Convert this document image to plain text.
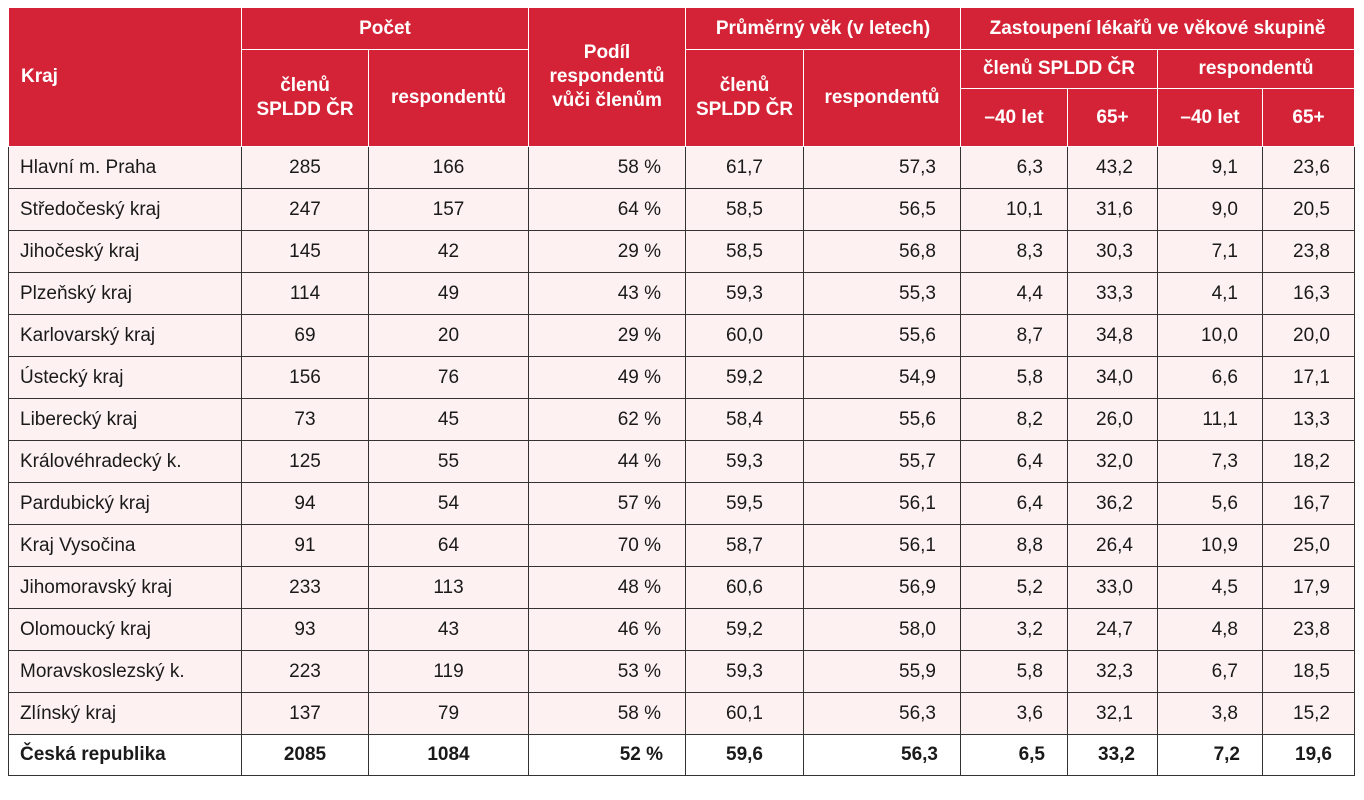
Kraj	Počet		Podíl respondentů vůči členům	Průměrný věk (v letech)		Zastoupení lékařů ve věkové skupině			
	členů SPLDD ČR	respondentů		členů SPLDD ČR	respondentů	členů SPLDD ČR		respondentů	
						–40 let	65+	–40 let	65+
Hlavní m. Praha	285	166	58 %	61,7	57,3	6,3	43,2	9,1	23,6
Středočeský kraj	247	157	64 %	58,5	56,5	10,1	31,6	9,0	20,5
Jihočeský kraj	145	42	29 %	58,5	56,8	8,3	30,3	7,1	23,8
Plzeňský kraj	114	49	43 %	59,3	55,3	4,4	33,3	4,1	16,3
Karlovarský kraj	69	20	29 %	60,0	55,6	8,7	34,8	10,0	20,0
Ústecký kraj	156	76	49 %	59,2	54,9	5,8	34,0	6,6	17,1
Liberecký kraj	73	45	62 %	58,4	55,6	8,2	26,0	11,1	13,3
Královéhradecký k.	125	55	44 %	59,3	55,7	6,4	32,0	7,3	18,2
Pardubický kraj	94	54	57 %	59,5	56,1	6,4	36,2	5,6	16,7
Kraj Vysočina	91	64	70 %	58,7	56,1	8,8	26,4	10,9	25,0
Jihomoravský kraj	233	113	48 %	60,6	56,9	5,2	33,0	4,5	17,9
Olomoucký kraj	93	43	46 %	59,2	58,0	3,2	24,7	4,8	23,8
Moravskoslezský k.	223	119	53 %	59,3	55,9	5,8	32,3	6,7	18,5
Zlínský kraj	137	79	58 %	60,1	56,3	3,6	32,1	3,8	15,2
Česká republika	2085	1084	52 %	59,6	56,3	6,5	33,2	7,2	19,6
